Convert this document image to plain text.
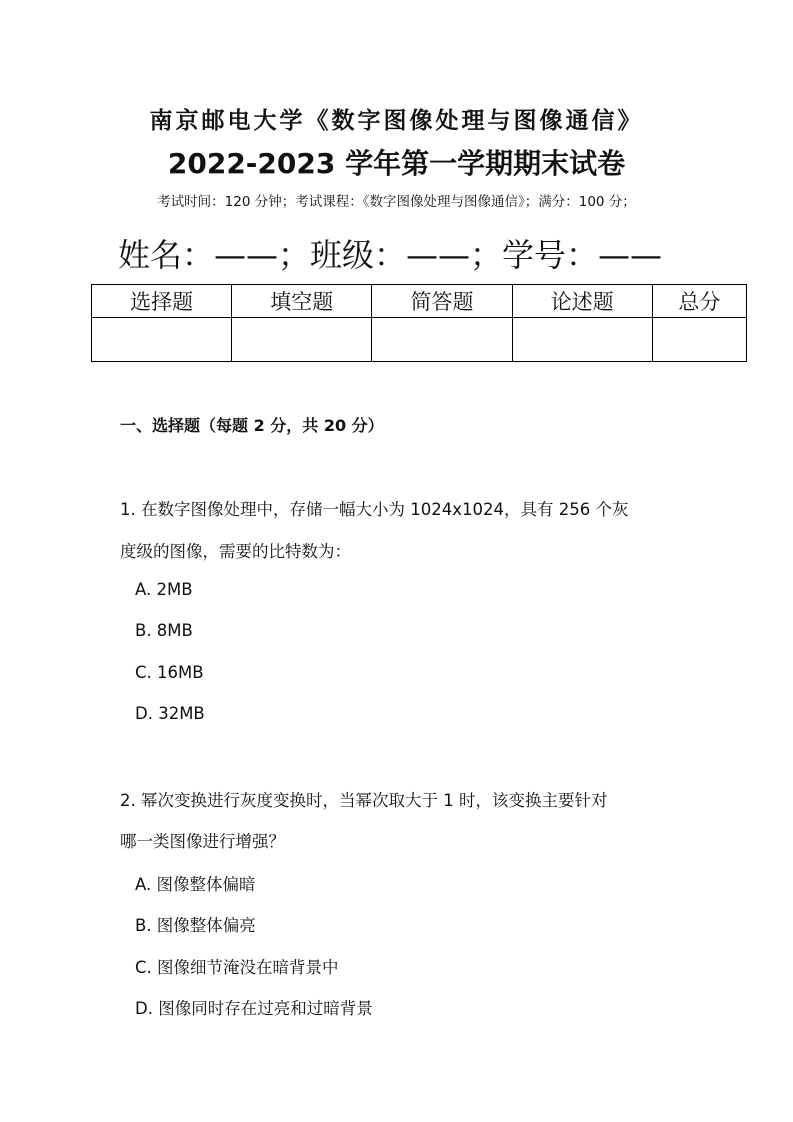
南京邮电大学《数字图像处理与图像通信》
2022-2023 学年第一学期期末试卷
考试时间：120 分钟；考试课程：《数字图像处理与图像通信》；满分：100 分；
姓名：——；班级：——；学号：——
选择题	填空题	简答题	论述题	总分

一、选择题（每题 2 分，共 20 分）
1. 在数字图像处理中，存储一幅大小为 1024x1024，具有 256 个灰
度级的图像，需要的比特数为：
A. 2MB
B. 8MB
C. 16MB
D. 32MB
2. 幂次变换进行灰度变换时，当幂次取大于 1 时，该变换主要针对
哪一类图像进行增强？
A. 图像整体偏暗
B. 图像整体偏亮
C. 图像细节淹没在暗背景中
D. 图像同时存在过亮和过暗背景
